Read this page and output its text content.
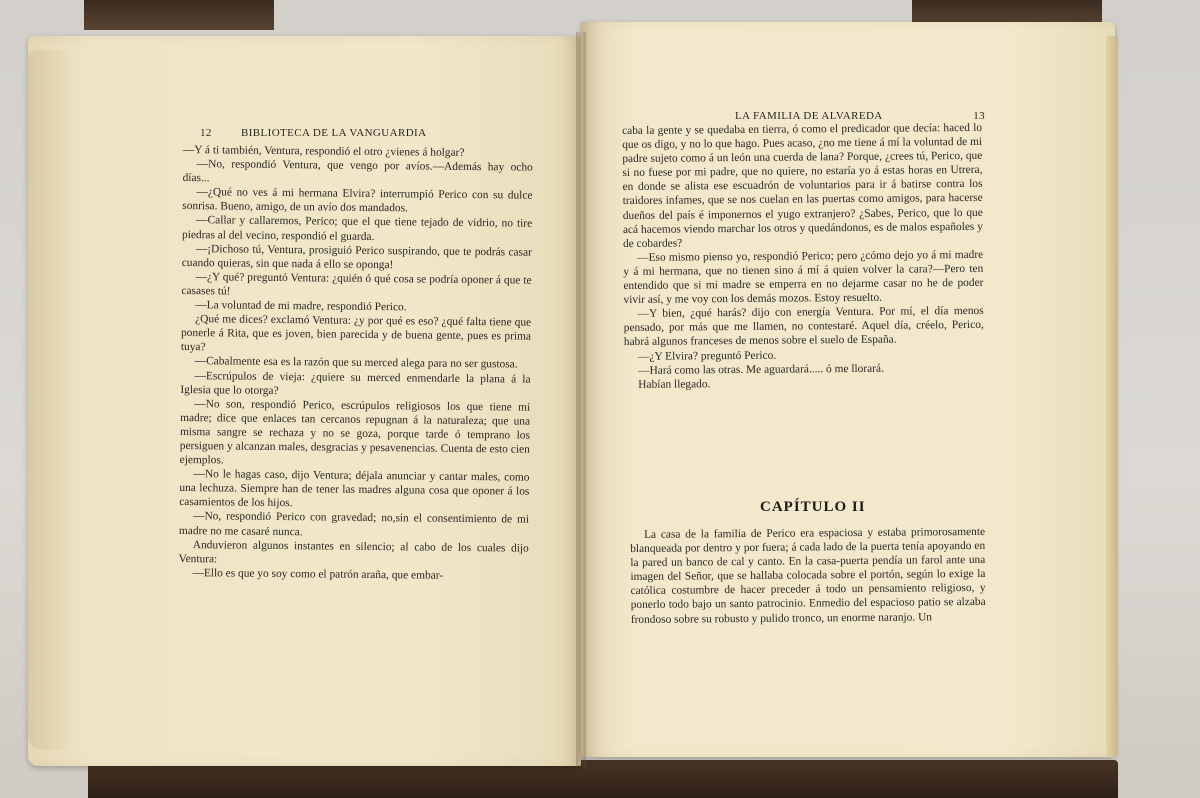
12	BIBLIOTECA DE LA VANGUARDIA

—Y á ti también, Ventura, respondió el otro ¿vienes á holgar?

—No, respondió Ventura, que vengo por avíos.—Además hay ocho días...

—¿Qué no ves á mi hermana Elvira? interrumpió Perico con su dulce sonrisa. Bueno, amigo, de un avío dos mandados.

—Callar y callaremos, Perico; que el que tiene tejado de vidrio, no tire piedras al del vecino, respondió el guarda.

—¡Dichoso tú, Ventura, prosiguió Perico suspirando, que te podrás casar cuando quieras, sin que nada á ello se oponga!

—¿Y qué? preguntó Ventura: ¿quién ó qué cosa se podría oponer á que te casases tú!

—La voluntad de mi madre, respondió Perico.

¿Qué me dices? exclamó Ventura: ¿y por qué es eso? ¿qué falta tiene que ponerle á Rita, que es joven, bien parecida y de buena gente, pues es prima tuya?

—Cabalmente esa es la razón que su merced alega para no ser gustosa.

—Escrúpulos de vieja: ¿quiere su merced enmendarle la plana á la Iglesia que lo otorga?

—No son, respondió Perico, escrúpulos religiosos los que tiene mi madre; dice que enlaces tan cercanos repugnan á la naturaleza; que una misma sangre se rechaza y no se goza, porque tarde ó temprano los persiguen y alcanzan males, desgracias y pesavenencias. Cuenta de esto cien ejemplos.

—No le hagas caso, dijo Ventura; déjala anunciar y cantar males, como una lechuza. Siempre han de tener las madres alguna cosa que oponer á los casamientos de los hijos.

—No, respondió Perico con gravedad; no,sin el consentimiento de mi madre no me casaré nunca.

Anduvieron algunos instantes en silencio; al cabo de los cuales dijo Ventura:

—Ello es que yo soy como el patrón araña, que embar-

LA FAMILIA DE ALVAREDA	13

caba la gente y se quedaba en tierra, ó como el predicador que decía: haced lo que os digo, y no lo que hago. Pues acaso, ¿no me tiene á mí la voluntad de mi padre sujeto como á un león una cuerda de lana? Porque, ¿crees tú, Perico, que si no fuese por mi padre, que no quiere, no estaría yo á estas horas en Utrera, en donde se alista ese escuadrón de voluntarios para ir á batirse contra los traidores infames, que se nos cuelan en las puertas como amigos, para hacerse dueños del país é imponernos el yugo extranjero? ¿Sabes, Perico, que lo que acá hacemos viendo marchar los otros y quedándonos, es de malos españoles y de cobardes?

—Eso mismo pienso yo, respondió Perico; pero ¿cómo dejo yo á mi madre y á mi hermana, que no tienen sino á mí á quien volver la cara?—Pero ten entendido que si mi madre se emperra en no dejarme casar no he de poder vivir así, y me voy con los demás mozos. Estoy resuelto.

—Y bien, ¿qué harás? dijo con energía Ventura. Por mí, el día menos pensado, por más que me llamen, no contestaré. Aquel día, créelo, Perico, habrá algunos franceses de menos sobre el suelo de España.

—¿Y Elvira? preguntó Perico.

—Hará como las otras. Me aguardará..... ó me llorará.

Habían llegado.

CAPÍTULO II

La casa de la familia de Perico era espaciosa y estaba primorosamente blanqueada por dentro y por fuera; á cada lado de la puerta tenía apoyando en la pared un banco de cal y canto. En la casa-puerta pendía un farol ante una imagen del Señor, que se hallaba colocada sobre el portón, según lo exige la católica costumbre de hacer preceder á todo un pensamiento religioso, y ponerlo todo bajo un santo patrocinio. Enmedio del espacioso patio se alzaba frondoso sobre su robusto y pulido tronco, un enorme naranjo. Un
